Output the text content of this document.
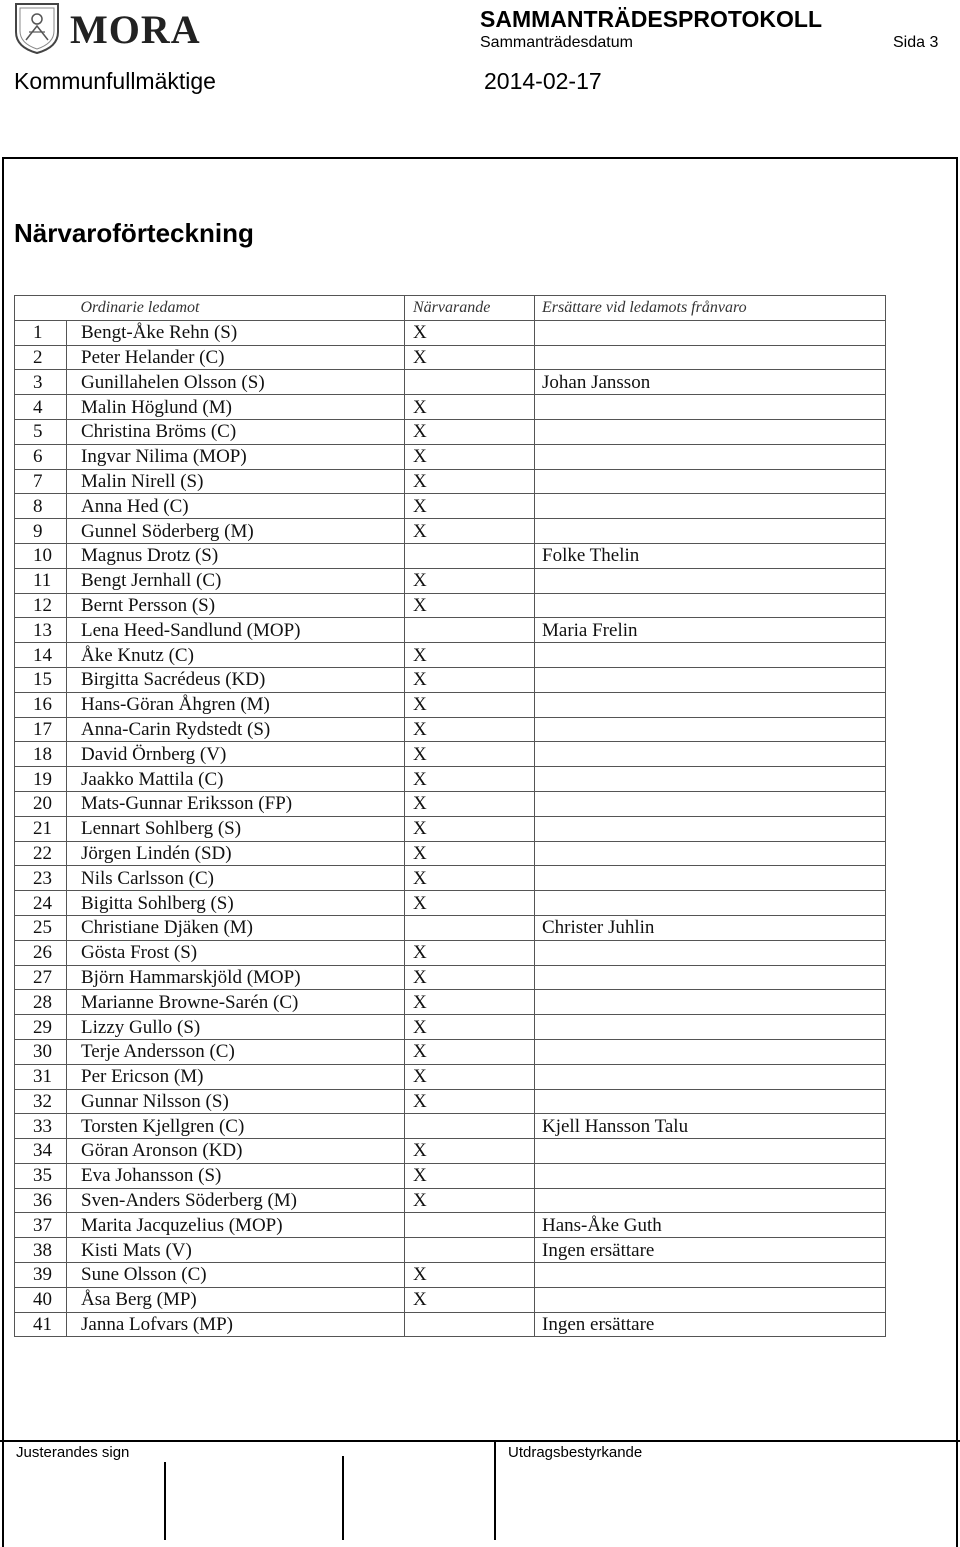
MORA	SAMMANTRÄDESPROTOKOLL
Sammanträdesdatum	Sida 3
Kommunfullmäktige	2014-02-17
Närvaroförteckning
	Ordinarie ledamot	Närvarande	Ersättare vid ledamots frånvaro
1	Bengt-Åke Rehn (S)	X	
2	Peter Helander (C)	X	
3	Gunillahelen Olsson (S)		Johan Jansson
4	Malin Höglund (M)	X	
5	Christina Bröms (C)	X	
6	Ingvar Nilima (MOP)	X	
7	Malin Nirell (S)	X	
8	Anna Hed (C)	X	
9	Gunnel Söderberg (M)	X	
10	Magnus Drotz (S)		Folke Thelin
11	Bengt Jernhall (C)	X	
12	Bernt Persson (S)	X	
13	Lena Heed-Sandlund (MOP)		Maria Frelin
14	Åke Knutz (C)	X	
15	Birgitta Sacrédeus (KD)	X	
16	Hans-Göran Åhgren (M)	X	
17	Anna-Carin Rydstedt (S)	X	
18	David Örnberg (V)	X	
19	Jaakko Mattila (C)	X	
20	Mats-Gunnar Eriksson (FP)	X	
21	Lennart Sohlberg (S)	X	
22	Jörgen Lindén (SD)	X	
23	Nils Carlsson (C)	X	
24	Bigitta Sohlberg (S)	X	
25	Christiane Djäken (M)		Christer Juhlin
26	Gösta Frost (S)	X	
27	Björn Hammarskjöld (MOP)	X	
28	Marianne Browne-Sarén (C)	X	
29	Lizzy Gullo (S)	X	
30	Terje Andersson (C)	X	
31	Per Ericson (M)	X	
32	Gunnar Nilsson (S)	X	
33	Torsten Kjellgren (C)		Kjell Hansson Talu
34	Göran Aronson (KD)	X	
35	Eva Johansson (S)	X	
36	Sven-Anders Söderberg (M)	X	
37	Marita Jacquzelius (MOP)		Hans-Åke Guth
38	Kisti Mats (V)		Ingen ersättare
39	Sune Olsson (C)	X	
40	Åsa Berg (MP)	X	
41	Janna Lofvars (MP)		Ingen ersättare
Justerandes sign	Utdragsbestyrkande
